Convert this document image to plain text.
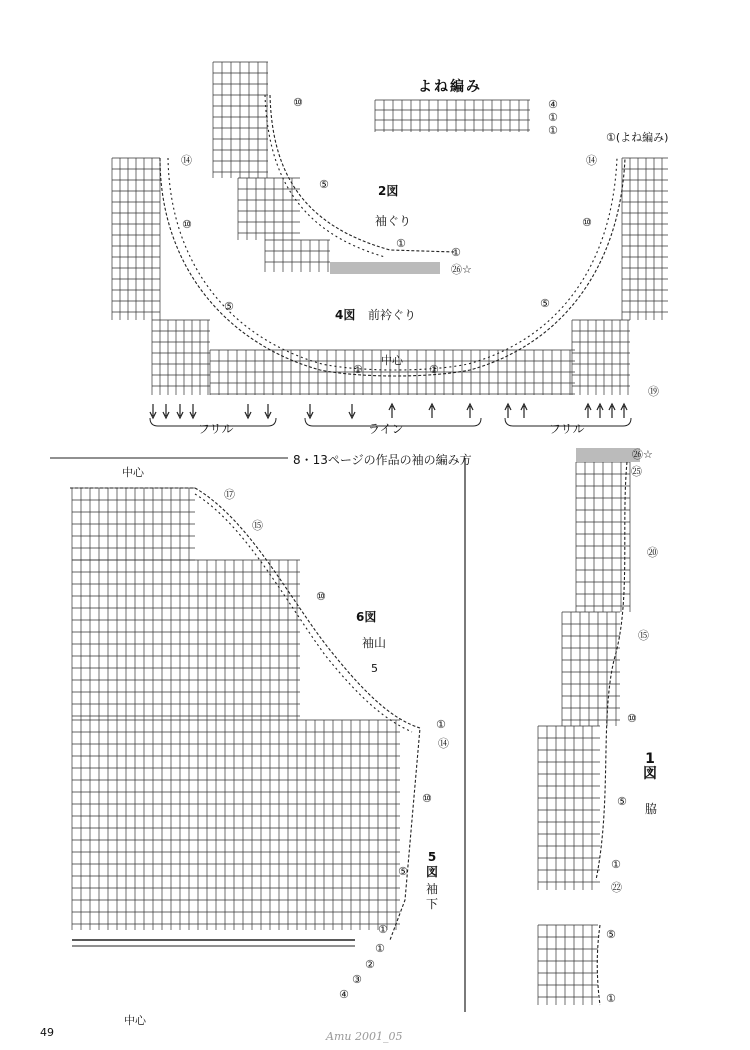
よね編み
④
①
①
⑩
⑤
①
①
㉖☆
2図
袖ぐり
⑭
⑩
⑤
①
①(よね編み)
⑭
⑩
⑤
①
⑲
4図 前衿ぐり
中心
フリル	ライン	フリル
8・13ページの作品の袖の編み方
中心
中心
⑰
⑮
⑩
5
①
⑭
⑩
⑤
6図
袖山
①
①
②
③
④
5図
袖下
㉖☆
㉕
⑳
⑮
⑩
⑤
①
㉒
⑤
①
1図
脇
49	Amu 2001_05
